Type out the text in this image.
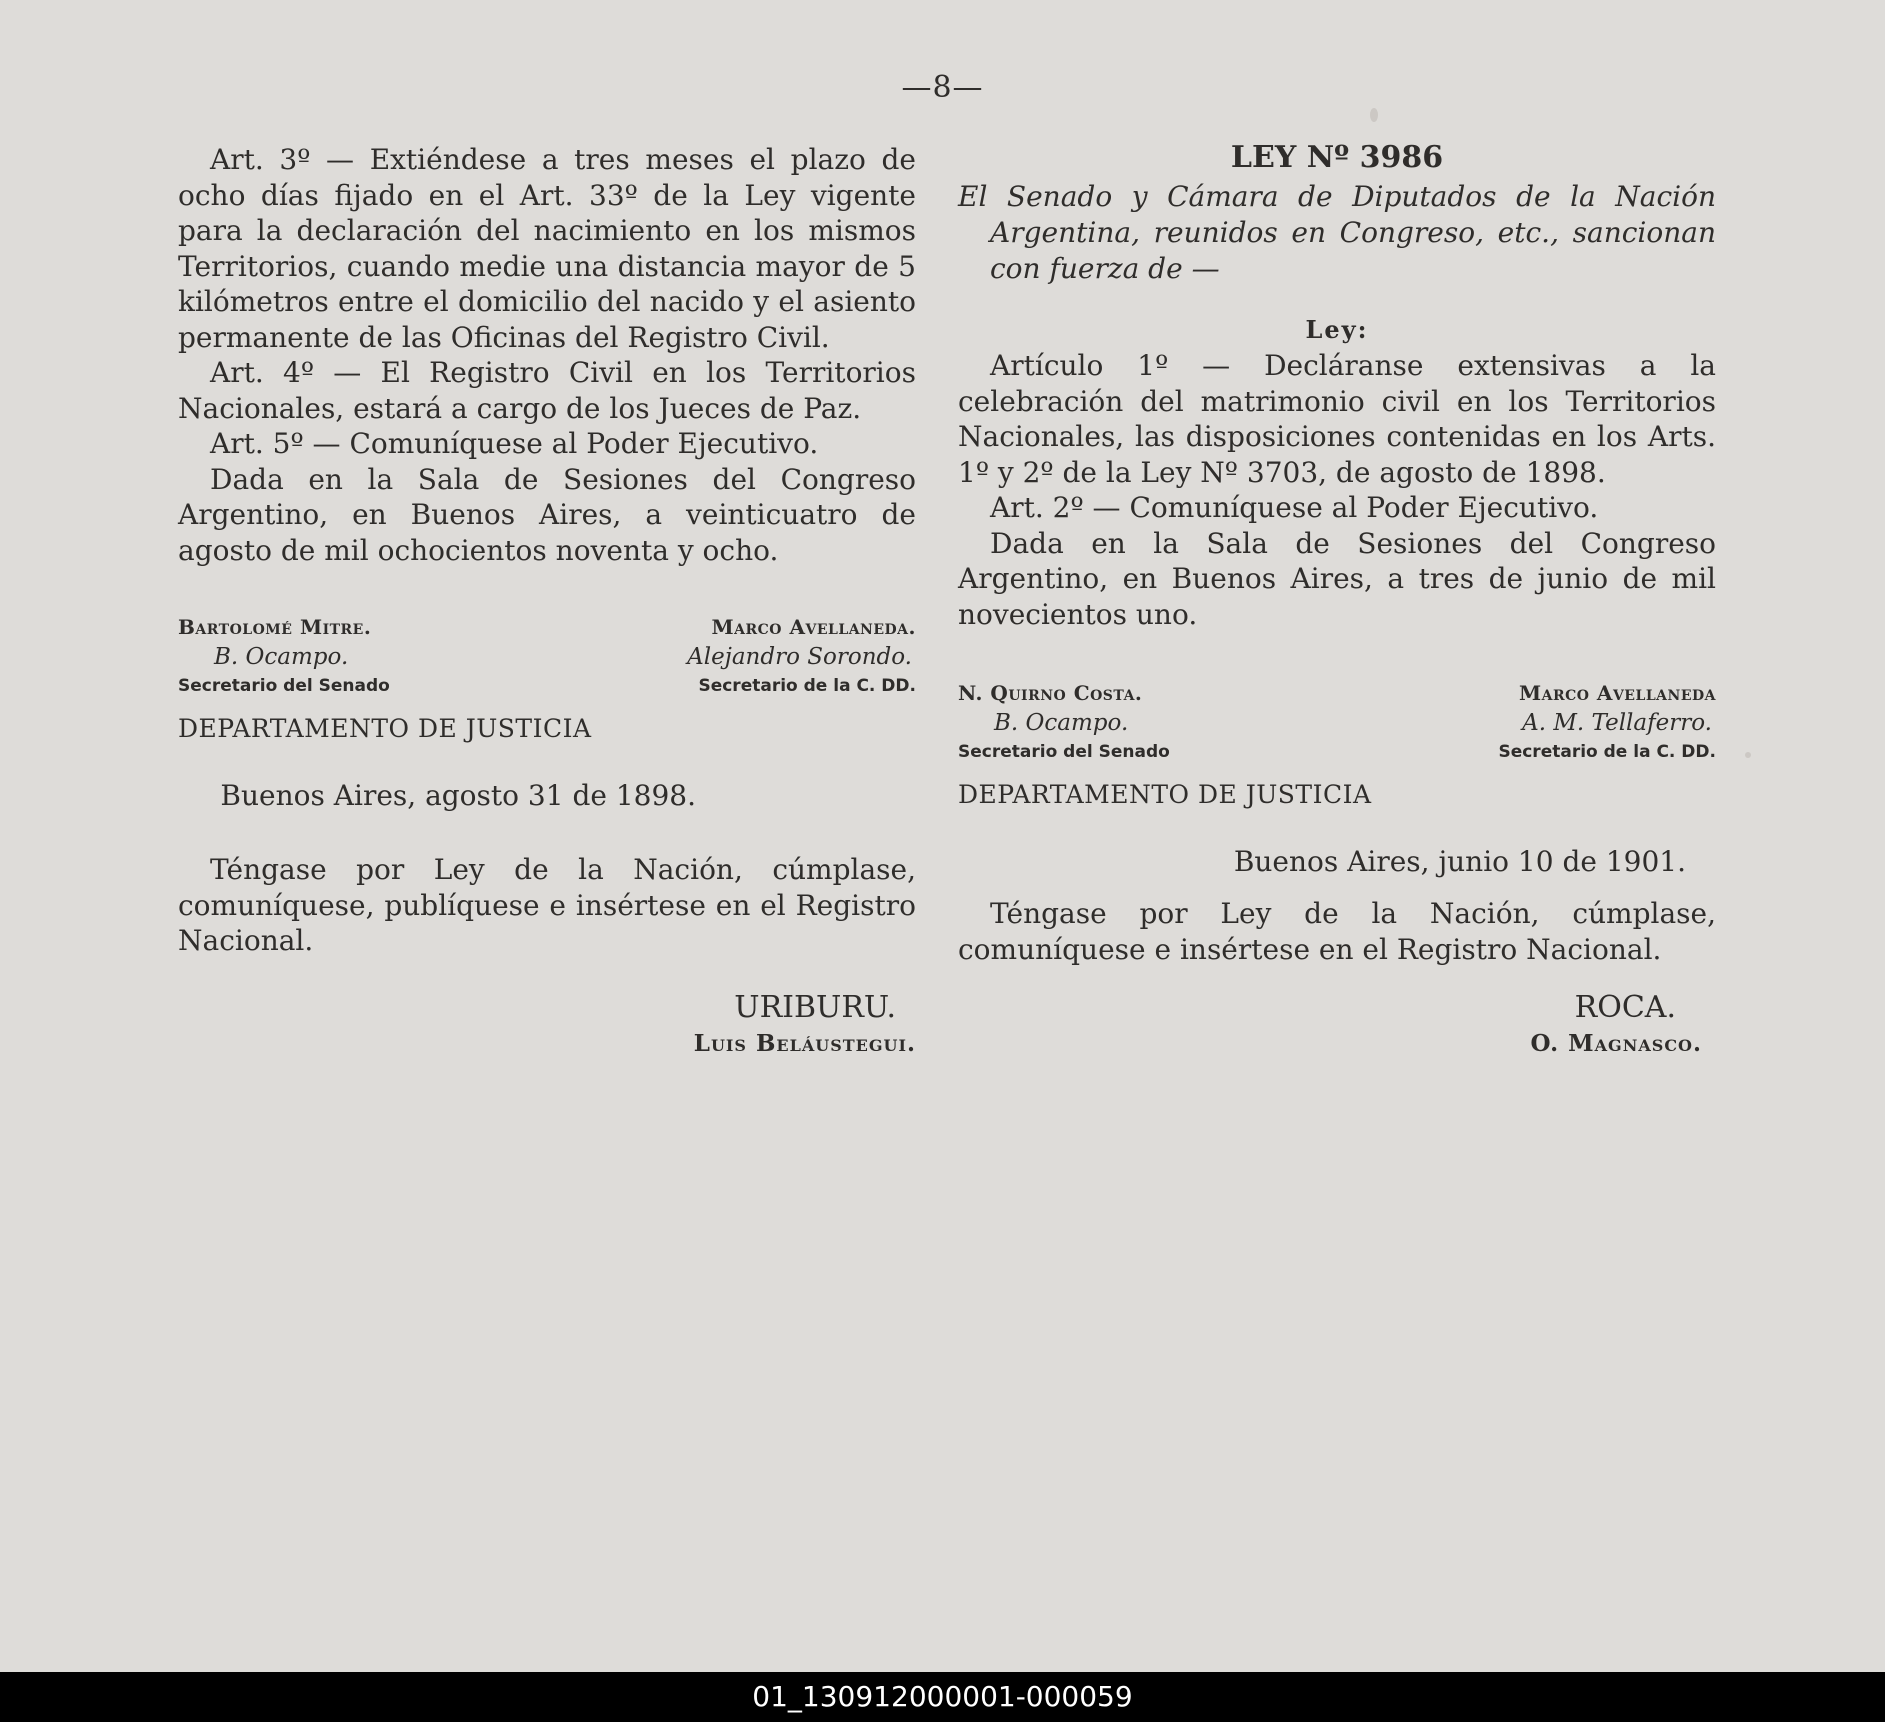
—8—

Art. 3º — Extiéndese a tres meses el plazo de ocho días fijado en el Art. 33º de la Ley vigente para la declaración del nacimiento en los mismos Territorios, cuando medie una distancia mayor de 5 kilómetros entre el domicilio del nacido y el asiento permanente de las Oficinas del Registro Civil.

Art. 4º — El Registro Civil en los Territorios Nacionales, estará a cargo de los Jueces de Paz.

Art. 5º — Comuníquese al Poder Ejecutivo.

Dada en la Sala de Sesiones del Congreso Argentino, en Buenos Aires, a veinticuatro de agosto de mil ochocientos noventa y ocho.

Bartolomé Mitre.
B. Ocampo.
Secretario del Senado
Marco Avellaneda.
Alejandro Sorondo.
Secretario de la C. DD.

DEPARTAMENTO DE JUSTICIA

Buenos Aires, agosto 31 de 1898.

Téngase por Ley de la Nación, cúmplase, comuníquese, publíquese e insértese en el Registro Nacional.

URIBURU.
Luis Beláustegui.
LEY Nº 3986

El Senado y Cámara de Diputados de la Nación Argentina, reunidos en Congreso, etc., sancionan con fuerza de —

Ley:

Artículo 1º — Decláranse extensivas a la celebración del matrimonio civil en los Territorios Nacionales, las disposiciones contenidas en los Arts. 1º y 2º de la Ley Nº 3703, de agosto de 1898.

Art. 2º — Comuníquese al Poder Ejecutivo.

Dada en la Sala de Sesiones del Congreso Argentino, en Buenos Aires, a tres de junio de mil novecientos uno.

N. Quirno Costa.
B. Ocampo.
Secretario del Senado
Marco Avellaneda
A. M. Tellaferro.
Secretario de la C. DD.

DEPARTAMENTO DE JUSTICIA

Buenos Aires, junio 10 de 1901.

Téngase por Ley de la Nación, cúmplase, comuníquese e insértese en el Registro Nacional.

ROCA.
O. Magnasco.
01_130912000001-000059
